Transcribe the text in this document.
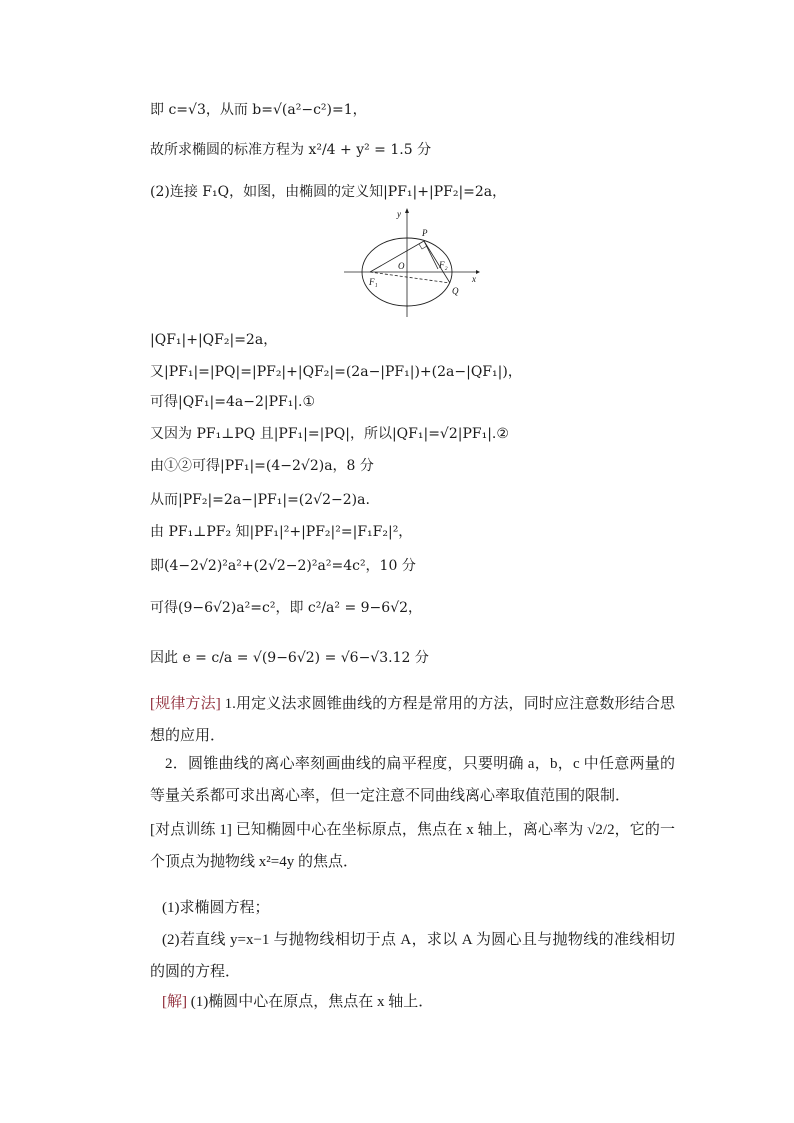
即 c=√3，从而 b=√(a²−c²)=1，
故所求椭圆的标准方程为 x²/4 + y² = 1.5 分
(2)连接 F₁Q，如图，由椭圆的定义知|PF₁|+|PF₂|=2a，
y
x
P
O
F₁
F₂
Q
|QF₁|+|QF₂|=2a，
又|PF₁|=|PQ|=|PF₂|+|QF₂|=(2a−|PF₁|)+(2a−|QF₁|)，
可得|QF₁|=4a−2|PF₁|.①
又因为 PF₁⊥PQ 且|PF₁|=|PQ|，所以|QF₁|=√2|PF₁|.②
由①②可得|PF₁|=(4−2√2)a，8 分
从而|PF₂|=2a−|PF₁|=(2√2−2)a.
由 PF₁⊥PF₂ 知|PF₁|²+|PF₂|²=|F₁F₂|²，
即(4−2√2)²a²+(2√2−2)²a²=4c²，10 分
可得(9−6√2)a²=c²，即 c²/a² = 9−6√2，
因此 e = c/a = √(9−6√2) = √6−√3.12 分
[规律方法] 1.用定义法求圆锥曲线的方程是常用的方法，同时应注意数形结合思想的应用．
2．圆锥曲线的离心率刻画曲线的扁平程度，只要明确 a，b，c 中任意两量的等量关系都可求出离心率，但一定注意不同曲线离心率取值范围的限制．
[对点训练 1] 已知椭圆中心在坐标原点，焦点在 x 轴上，离心率为 √2/2，它的一个顶点为抛物线 x²=4y 的焦点．
(1)求椭圆方程；
(2)若直线 y=x−1 与抛物线相切于点 A，求以 A 为圆心且与抛物线的准线相切的圆的方程．
[解] (1)椭圆中心在原点，焦点在 x 轴上．
